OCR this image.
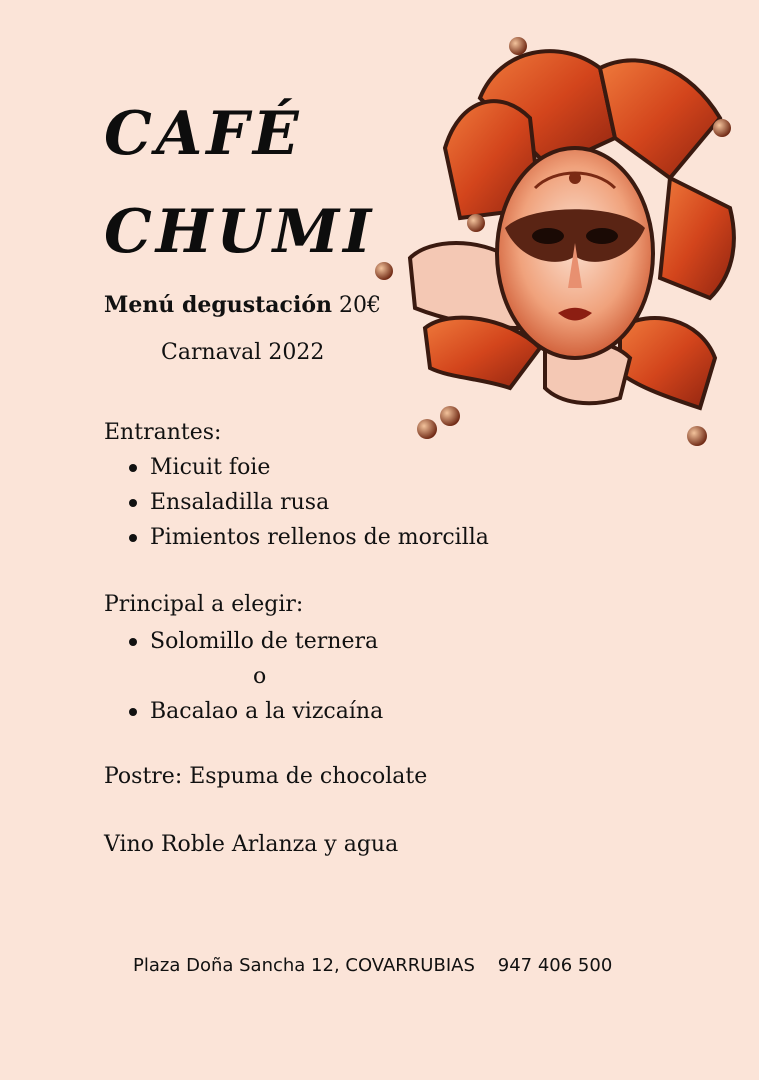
CAFÉ
CHUMI
Menú degustación 20€
Carnaval 2022
Entrantes:
Micuit foie
Ensaladilla rusa
Pimientos rellenos de morcilla
Principal a elegir:
Solomillo de ternera
o
Bacalao a la vizcaína
Postre: Espuma de chocolate
Vino Roble Arlanza y agua
Plaza Doña Sancha 12, COVARRUBIAS 947 406 500
